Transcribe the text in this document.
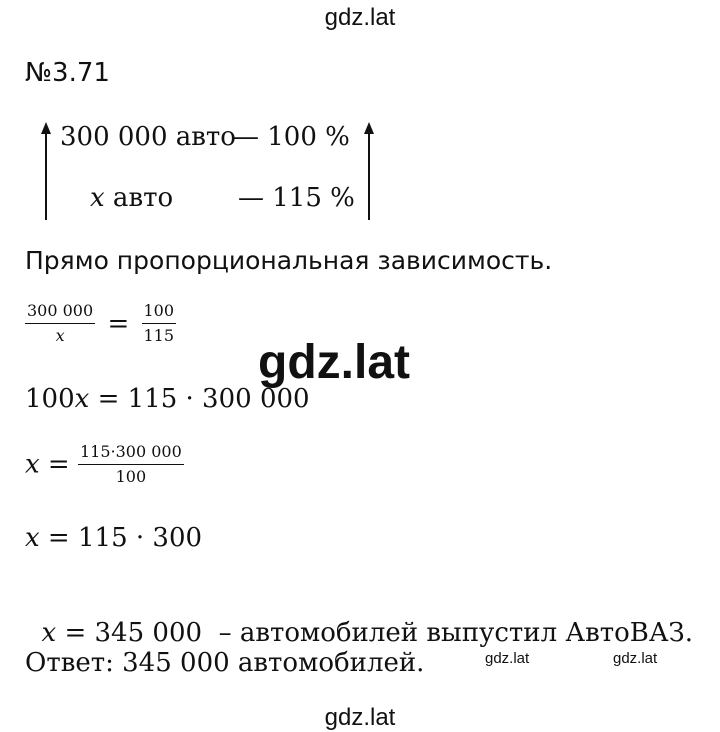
gdz.lat
№3.71
300 000 авто
— 100 %
x авто — 115 %
Прямо пропорциональная зависимость.
$\frac{300 000}{x} = \frac{100}{115}$
gdz.lat
100x = 115 · 300 000
$x = \frac{115\cdot 300 000}{100}$
x = 115 · 300

x = 345 000  – автомобилей выпустил АвтоВАЗ.

Ответ: 345 000 автомобилей.	gdz.lat	gdz.lat
gdz.lat
